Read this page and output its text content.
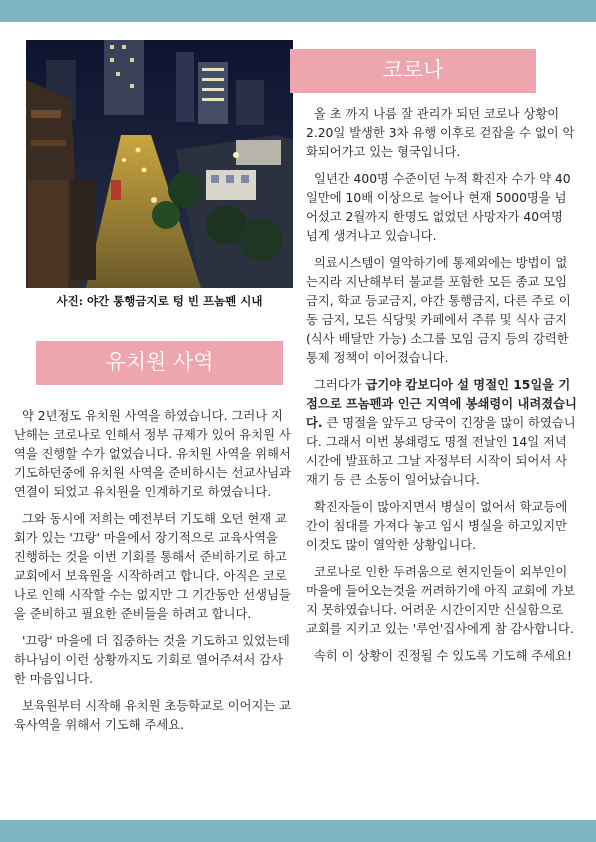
사진: 야간 통행금지로 텅 빈 프놈펜 시내
코로나
유치원 사역

약 2년정도 유치원 사역을 하였습니다. 그러나 지난해는 코로나로 인해서 정부 규제가 있어 유치원 사역을 진행할 수가 없었습니다. 유치원 사역을 위해서 기도하던중에 유치원 사역을 준비하시는 선교사님과 연결이 되었고 유치원을 인계하기로 하였습니다.

그와 동시에 저희는 예전부터 기도해 오던 현재 교회가 있는 '끄랑' 마을에서 장기적으로 교육사역을 진행하는 것을 이번 기회를 통해서 준비하기로 하고 교회에서 보육원을 시작하려고 합니다. 아직은 코로나로 인해 시작할 수는 없지만 그 기간동안 선생님들을 준비하고 필요한 준비들을 하려고 합니다.

'끄랑' 마을에 더 집중하는 것을 기도하고 있었는데 하나님이 이런 상황까지도 기회로 열어주셔서 감사한 마음입니다.

보육원부터 시작해 유치원 초등학교로 이어지는 교육사역을 위해서 기도해 주세요.

올 초 까지 나름 잘 관리가 되던 코로나 상황이 2.20일 발생한 3차 유행 이후로 걷잡을 수 없이 악화되어가고 있는 형국입니다.

일년간 400명 수준이던 누적 확진자 수가 약 40일만에 10배 이상으로 늘어나 현재 5000명을 넘어섰고 2월까지 한명도 없었던 사망자가 40여명 넘게 생겨나고 있습니다.

의료시스템이 열악하기에 통제외에는 방법이 없는지라 지난해부터 불교를 포함한 모든 종교 모임 금지, 학교 등교금지, 야간 통행금지, 다른 주로 이동 금지, 모든 식당및 카페에서 주류 및 식사 금지 (식사 배달만 가능) 소그룹 모임 금지 등의 강력한 통제 정책이 이어졌습니다.

그러다가 급기야 캄보디아 설 명절인 15일을 기점으로 프놈펜과 인근 지역에 봉쇄령이 내려졌습니다. 큰 명절을 앞두고 당국이 긴장을 많이 하였습니다. 그래서 이번 봉쇄령도 명절 전날인 14일 저녁시간에 발표하고 그날 자정부터 시작이 되어서 사재기 등 큰 소동이 일어났습니다.

확진자들이 많아지면서 병실이 없어서 학교등에 간이 침대를 가져다 놓고 임시 병실을 하고있지만 이것도 많이 열악한 상황입니다.

코로나로 인한 두려움으로 현지인들이 외부인이 마을에 들어오는것을 꺼려하기에 아직 교회에 가보지 못하였습니다. 어려운 시간이지만 신실함으로 교회를 지키고 있는 '루언'집사에게 참 감사합니다.

속히 이 상황이 진정될 수 있도록 기도해 주세요!
